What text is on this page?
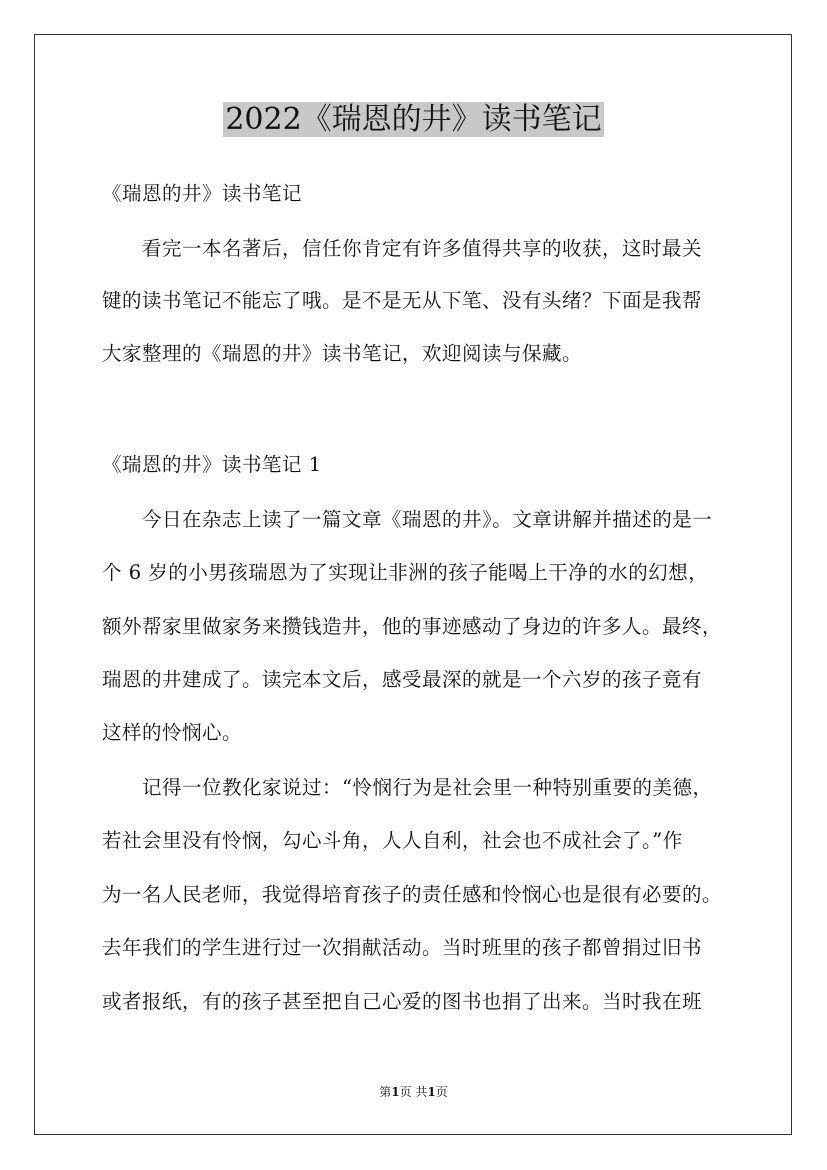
2022《瑞恩的井》读书笔记
《瑞恩的井》读书笔记
看完一本名著后，信任你肯定有许多值得共享的收获，这时最关
键的读书笔记不能忘了哦。是不是无从下笔、没有头绪？下面是我帮
大家整理的《瑞恩的井》读书笔记，欢迎阅读与保藏。
《瑞恩的井》读书笔记 1
今日在杂志上读了一篇文章《瑞恩的井》。文章讲解并描述的是一
个 6 岁的小男孩瑞恩为了实现让非洲的孩子能喝上干净的水的幻想，
额外帮家里做家务来攒钱造井，他的事迹感动了身边的许多人。最终，
瑞恩的井建成了。读完本文后，感受最深的就是一个六岁的孩子竟有
这样的怜悯心。
记得一位教化家说过：“怜悯行为是社会里一种特别重要的美德，
若社会里没有怜悯，勾心斗角，人人自利，社会也不成社会了。”作
为一名人民老师，我觉得培育孩子的责任感和怜悯心也是很有必要的。
去年我们的学生进行过一次捐献活动。当时班里的孩子都曾捐过旧书
或者报纸，有的孩子甚至把自己心爱的图书也捐了出来。当时我在班
第1页 共1页
